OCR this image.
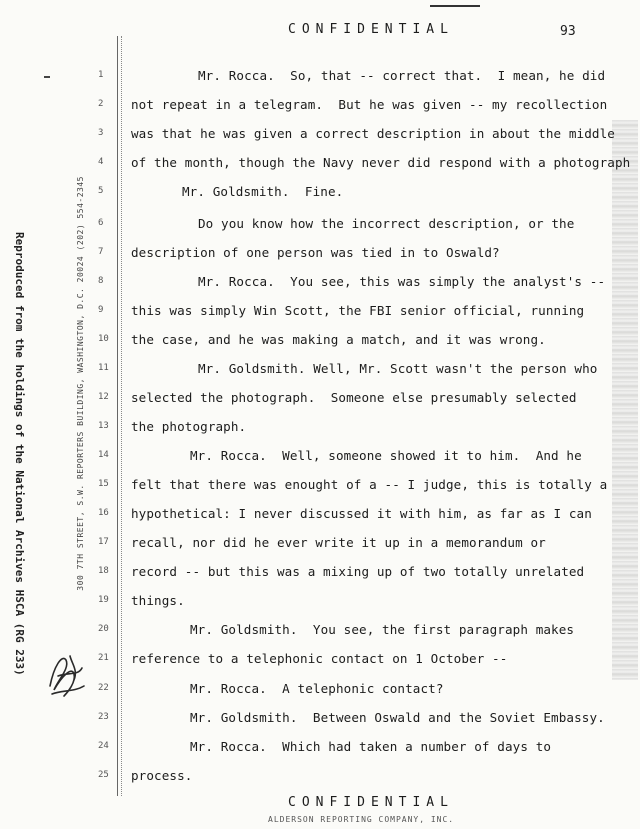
CONFIDENTIAL	93
Reproduced from the holdings of the National Archives HSCA (RG 233)	300 7TH STREET, S.W. REPORTERS BUILDING, WASHINGTON, D.C. 20024 (202) 554-2345
1
2
3
4
5
6
7
8
9
10
11
12
13
14
15
16
17
18
19
20
21
22
23
24
25
Mr. Rocca.  So, that -- correct that.  I mean, he did
not repeat in a telegram.  But he was given -- my recollection
was that he was given a correct description in about the middle
of the month, though the Navy never did respond with a photograph
Mr. Goldsmith.  Fine.
Do you know how the incorrect description, or the
description of one person was tied in to Oswald?
Mr. Rocca.  You see, this was simply the analyst's --
this was simply Win Scott, the FBI senior official, running
the case, and he was making a match, and it was wrong.
Mr. Goldsmith. Well, Mr. Scott wasn't the person who
selected the photograph.  Someone else presumably selected
the photograph.
Mr. Rocca.  Well, someone showed it to him.  And he
felt that there was enought of a -- I judge, this is totally a
hypothetical: I never discussed it with him, as far as I can
recall, nor did he ever write it up in a memorandum or
record -- but this was a mixing up of two totally unrelated
things.
Mr. Goldsmith.  You see, the first paragraph makes
reference to a telephonic contact on 1 October --
Mr. Rocca.  A telephonic contact?
Mr. Goldsmith.  Between Oswald and the Soviet Embassy.
Mr. Rocca.  Which had taken a number of days to
process.
CONFIDENTIAL
ALDERSON REPORTING COMPANY, INC.
